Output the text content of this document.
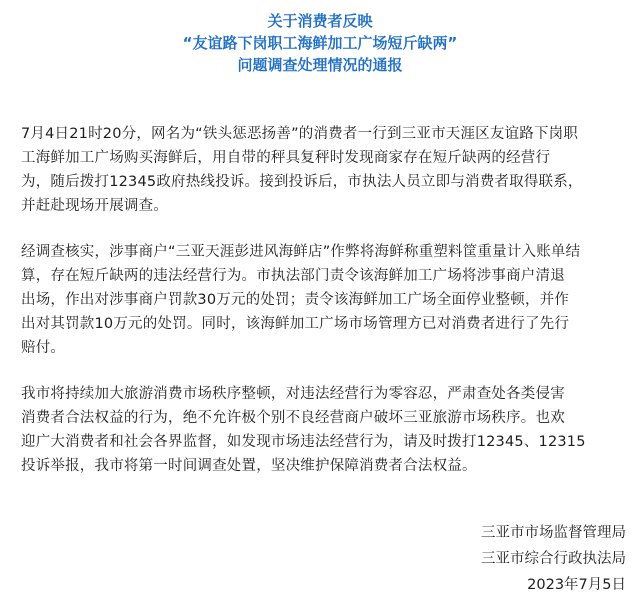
关于消费者反映
“友谊路下岗职工海鲜加工广场短斤缺两”
问题调查处理情况的通报
7月4日21时20分，网名为“铁头惩恶扬善”的消费者一行到三亚市天涯区友谊路下岗职
工海鲜加工广场购买海鲜后，用自带的秤具复秤时发现商家存在短斤缺两的经营行
为，随后拨打12345政府热线投诉。接到投诉后，市执法人员立即与消费者取得联系，
并赶赴现场开展调查。
经调查核实，涉事商户“三亚天涯彭进风海鲜店”作弊将海鲜称重塑料筐重量计入账单结
算，存在短斤缺两的违法经营行为。市执法部门责令该海鲜加工广场将涉事商户清退
出场，作出对涉事商户罚款30万元的处罚；责令该海鲜加工广场全面停业整顿，并作
出对其罚款10万元的处罚。同时，该海鲜加工广场市场管理方已对消费者进行了先行
赔付。
我市将持续加大旅游消费市场秩序整顿，对违法经营行为零容忍，严肃查处各类侵害
消费者合法权益的行为，绝不允许极个别不良经营商户破坏三亚旅游市场秩序。也欢
迎广大消费者和社会各界监督，如发现市场违法经营行为，请及时拨打12345、12315
投诉举报，我市将第一时间调查处置，坚决维护保障消费者合法权益。
三亚市市场监督管理局
三亚市综合行政执法局
2023年7月5日
